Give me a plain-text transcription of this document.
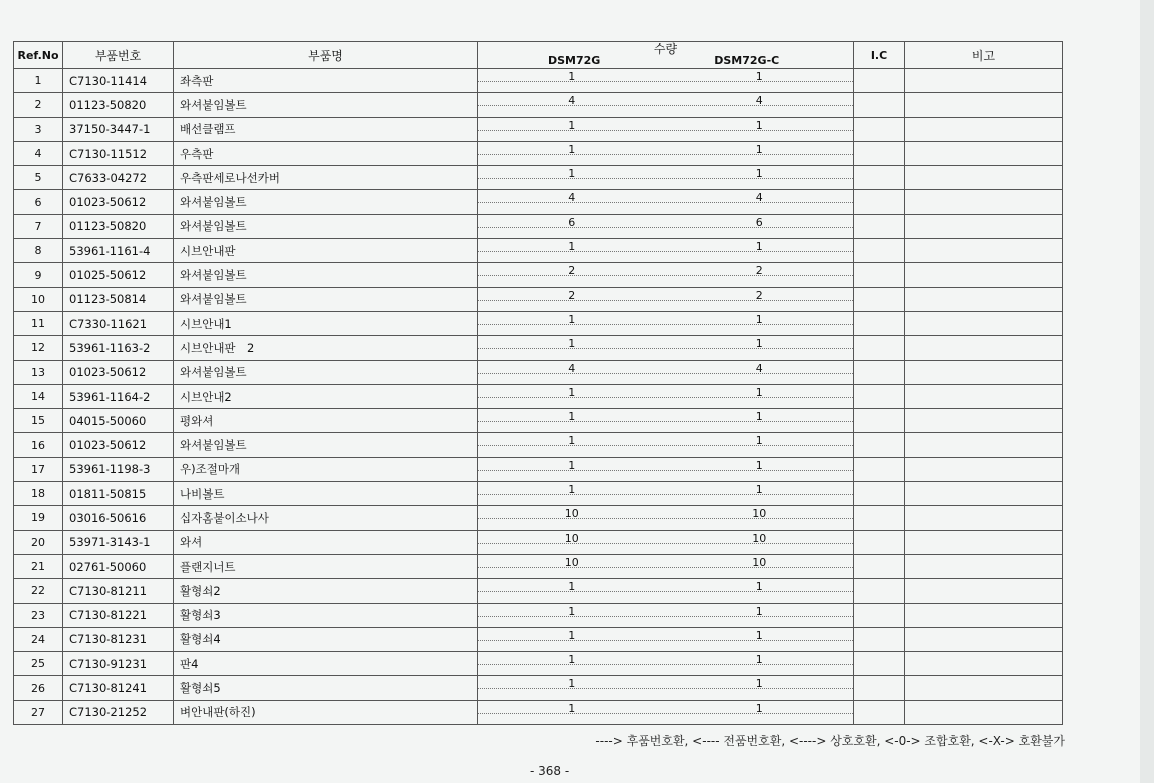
Ref.No	부품번호	부품명	수량
DSM72G DSM72G-C	I.C	비고
1	C7130-11414	좌측판	1 1		

2	01123-50820	와셔붙임볼트	4 4		

3	37150-3447-1	배선클램프	1 1		

4	C7130-11512	우측판	1 1		

5	C7633-04272	우측판세로나선카버	1 1		

6	01023-50612	와셔붙임볼트	4 4		

7	01123-50820	와셔붙임볼트	6 6		

8	53961-1161-4	시브안내판	1 1		

9	01025-50612	와셔붙임볼트	2 2		

10	01123-50814	와셔붙임볼트	2 2		

11	C7330-11621	시브안내1	1 1		

12	53961-1163-2	시브안내판　2	1 1		

13	01023-50612	와셔붙임볼트	4 4		

14	53961-1164-2	시브안내2	1 1		

15	04015-50060	평와셔	1 1		

16	01023-50612	와셔붙임볼트	1 1		

17	53961-1198-3	우)조절마개	1 1		

18	01811-50815	나비볼트	1 1		

19	03016-50616	십자홈붙이소나사	10 10		

20	53971-3143-1	와셔	10 10		

21	02761-50060	플랜지너트	10 10		

22	C7130-81211	활형쇠2	1 1		

23	C7130-81221	활형쇠3	1 1		

24	C7130-81231	활형쇠4	1 1		

25	C7130-91231	판4	1 1		

26	C7130-81241	활형쇠5	1 1		

27	C7130-21252	벼안내판(하진)	1 1		

----> 후품번호환, <---- 전품번호환, <----> 상호호환, <-0-> 조합호환, <-X-> 호환불가
- 368 -
